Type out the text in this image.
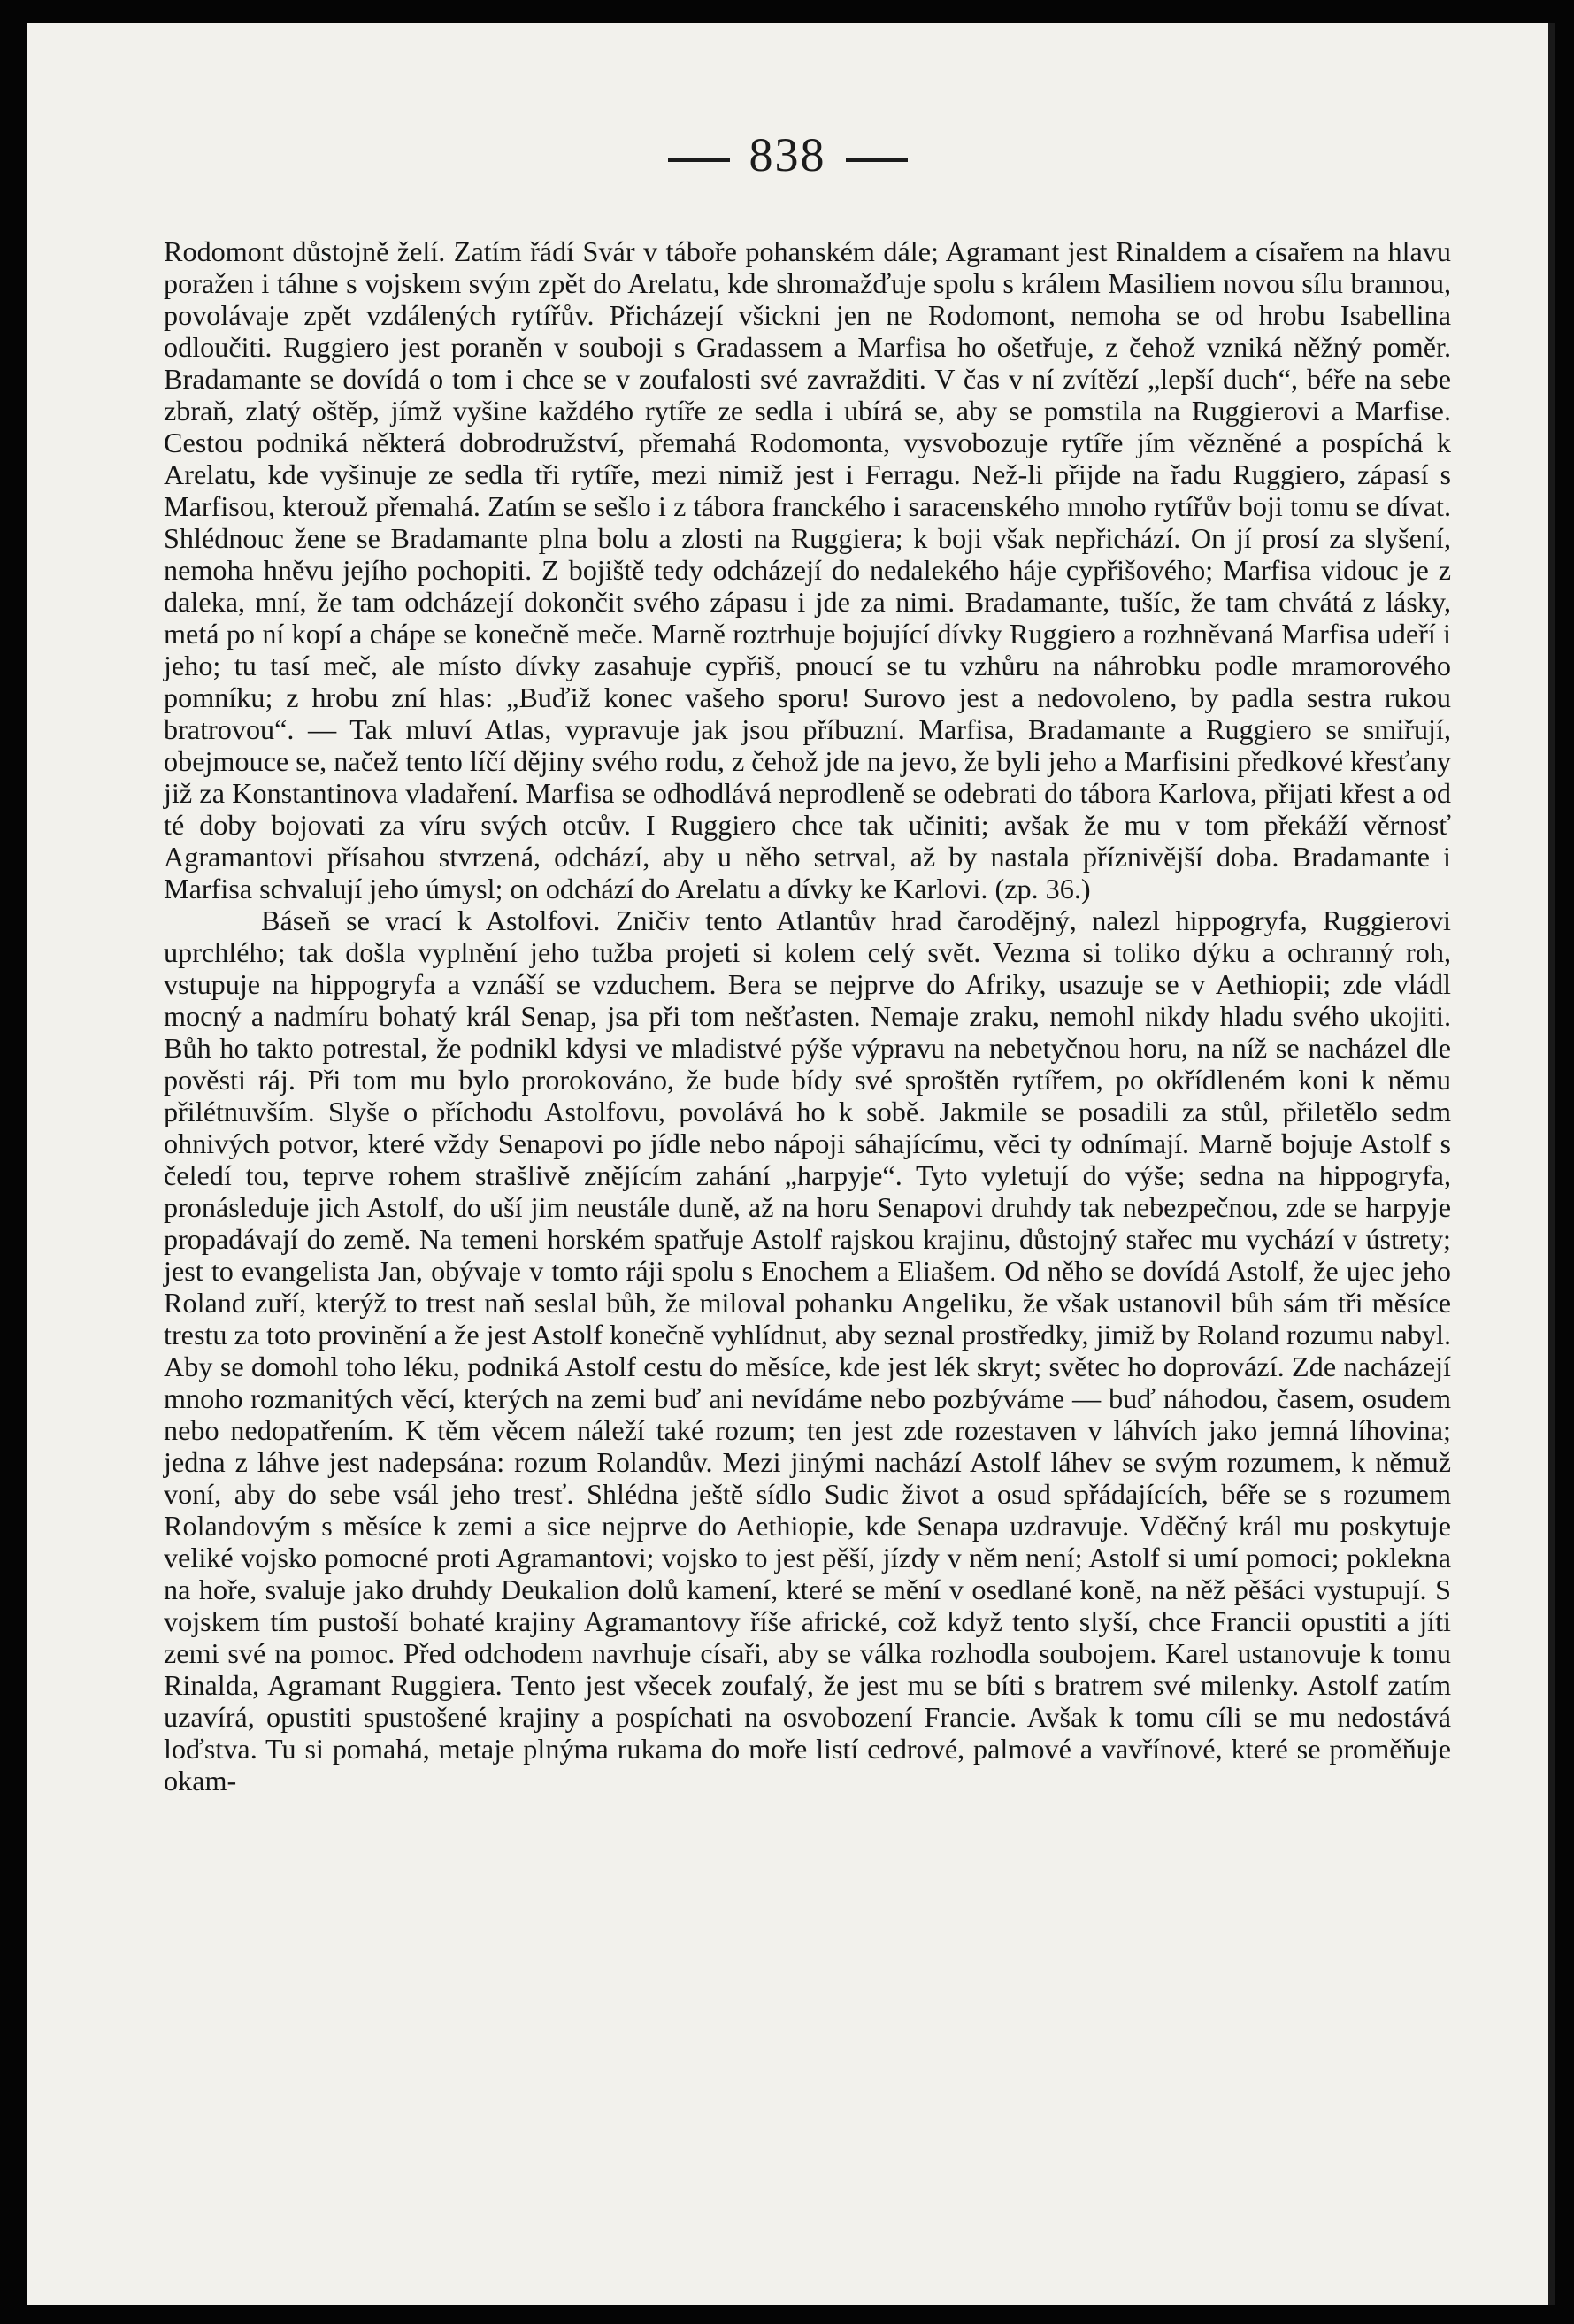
838

Rodomont důstojně želí. Zatím řádí Svár v táboře pohanském dále; Agramant jest Rinaldem a císařem na hlavu poražen i táhne s vojskem svým zpět do Arelatu, kde shromažďuje spolu s králem Masiliem novou sílu brannou, povolávaje zpět vzdálených rytířův. Přicházejí všickni jen ne Rodomont, nemoha se od hrobu Isabellina odloučiti. Ruggiero jest poraněn v souboji s Gradassem a Marfisa ho ošetřuje, z čehož vzniká něžný poměr. Bradamante se dovídá o tom i chce se v zoufalosti své zavražditi. V čas v ní zvítězí „lepší duch“, béře na sebe zbraň, zlatý oštěp, jímž vyšine každého rytíře ze sedla i ubírá se, aby se pomstila na Ruggierovi a Marfise. Cestou podniká některá dobrodružství, přemahá Rodomonta, vysvobozuje rytíře jím vězněné a pospíchá k Arelatu, kde vyšinuje ze sedla tři rytíře, mezi nimiž jest i Ferragu. Než-li přijde na řadu Ruggiero, zápasí s Marfisou, kterouž přemahá. Zatím se sešlo i z tábora franckého i saracenského mnoho rytířův boji tomu se dívat. Shlédnouc žene se Bradamante plna bolu a zlosti na Ruggiera; k boji však nepřichází. On jí prosí za slyšení, nemoha hněvu jejího pochopiti. Z bojiště tedy odcházejí do nedalekého háje cypřišového; Marfisa vidouc je z daleka, mní, že tam odcházejí dokončit svého zápasu i jde za nimi. Bradamante, tušíc, že tam chvátá z lásky, metá po ní kopí a chápe se konečně meče. Marně roztrhuje bojující dívky Ruggiero a rozhněvaná Marfisa udeří i jeho; tu tasí meč, ale místo dívky zasahuje cypřiš, pnoucí se tu vzhůru na náhrobku podle mramorového pomníku; z hrobu zní hlas: „Buďiž konec vašeho sporu! Surovo jest a nedovoleno, by padla sestra rukou bratrovou“. — Tak mluví Atlas, vypravuje jak jsou příbuzní. Marfisa, Bradamante a Ruggiero se smiřují, obejmouce se, načež tento líčí dějiny svého rodu, z čehož jde na jevo, že byli jeho a Marfisini předkové křesťany již za Konstantinova vladaření. Marfisa se odhodlává neprodleně se odebrati do tábora Karlova, přijati křest a od té doby bojovati za víru svých otcův. I Ruggiero chce tak učiniti; avšak že mu v tom překáží věrnosť Agramantovi přísahou stvrzená, odchází, aby u něho setrval, až by nastala příznivější doba. Bradamante i Marfisa schvalují jeho úmysl; on odchází do Arelatu a dívky ke Karlovi. (zp. 36.)

Báseň se vrací k Astolfovi. Zničiv tento Atlantův hrad čarodějný, nalezl hippogryfa, Ruggierovi uprchlého; tak došla vyplnění jeho tužba projeti si kolem celý svět. Vezma si toliko dýku a ochranný roh, vstupuje na hippogryfa a vznáší se vzduchem. Bera se nejprve do Afriky, usazuje se v Aethiopii; zde vládl mocný a nadmíru bohatý král Senap, jsa při tom nešťasten. Nemaje zraku, nemohl nikdy hladu svého ukojiti. Bůh ho takto potrestal, že podnikl kdysi ve mladistvé pýše výpravu na nebetyčnou horu, na níž se nacházel dle pověsti ráj. Při tom mu bylo prorokováno, že bude bídy své sproštěn rytířem, po okřídleném koni k němu přilétnuvším. Slyše o příchodu Astolfovu, povolává ho k sobě. Jakmile se posadili za stůl, přiletělo sedm ohnivých potvor, které vždy Senapovi po jídle nebo nápoji sáhajícímu, věci ty odnímají. Marně bojuje Astolf s čeledí tou, teprve rohem strašlivě znějícím zahání „harpyje“. Tyto vyletují do výše; sedna na hippogryfa, pronásleduje jich Astolf, do uší jim neustále duně, až na horu Senapovi druhdy tak nebezpečnou, zde se harpyje propadávají do země. Na temeni horském spatřuje Astolf rajskou krajinu, důstojný stařec mu vychází v ústrety; jest to evangelista Jan, obývaje v tomto ráji spolu s Enochem a Eliašem. Od něho se dovídá Astolf, že ujec jeho Roland zuří, kterýž to trest naň seslal bůh, že miloval pohanku Angeliku, že však ustanovil bůh sám tři měsíce trestu za toto provinění a že jest Astolf konečně vyhlídnut, aby seznal prostředky, jimiž by Roland rozumu nabyl. Aby se domohl toho léku, podniká Astolf cestu do měsíce, kde jest lék skryt; světec ho doprovází. Zde nacházejí mnoho rozmanitých věcí, kterých na zemi buď ani nevídáme nebo pozbýváme — buď náhodou, časem, osudem nebo nedopatřením. K těm věcem náleží také rozum; ten jest zde rozestaven v láhvích jako jemná líhovina; jedna z láhve jest nadepsána: rozum Rolandův. Mezi jinými nachází Astolf láhev se svým rozumem, k němuž voní, aby do sebe vsál jeho tresť. Shlédna ještě sídlo Sudic život a osud spřádajících, béře se s rozumem Rolandovým s měsíce k zemi a sice nejprve do Aethiopie, kde Senapa uzdravuje. Vděčný král mu poskytuje veliké vojsko pomocné proti Agramantovi; vojsko to jest pěší, jízdy v něm není; Astolf si umí pomoci; poklekna na hoře, svaluje jako druhdy Deukalion dolů kamení, které se mění v osedlané koně, na něž pěšáci vystupují. S vojskem tím pustoší bohaté krajiny Agramantovy říše africké, což když tento slyší, chce Francii opustiti a jíti zemi své na pomoc. Před odchodem navrhuje císaři, aby se válka rozhodla soubojem. Karel ustanovuje k tomu Rinalda, Agramant Ruggiera. Tento jest všecek zoufalý, že jest mu se bíti s bratrem své milenky. Astolf zatím uzavírá, opustiti spustošené krajiny a pospíchati na osvobození Francie. Avšak k tomu cíli se mu nedostává loďstva. Tu si pomahá, metaje plnýma rukama do moře listí cedrové, palmové a vavřínové, které se proměňuje okam-
